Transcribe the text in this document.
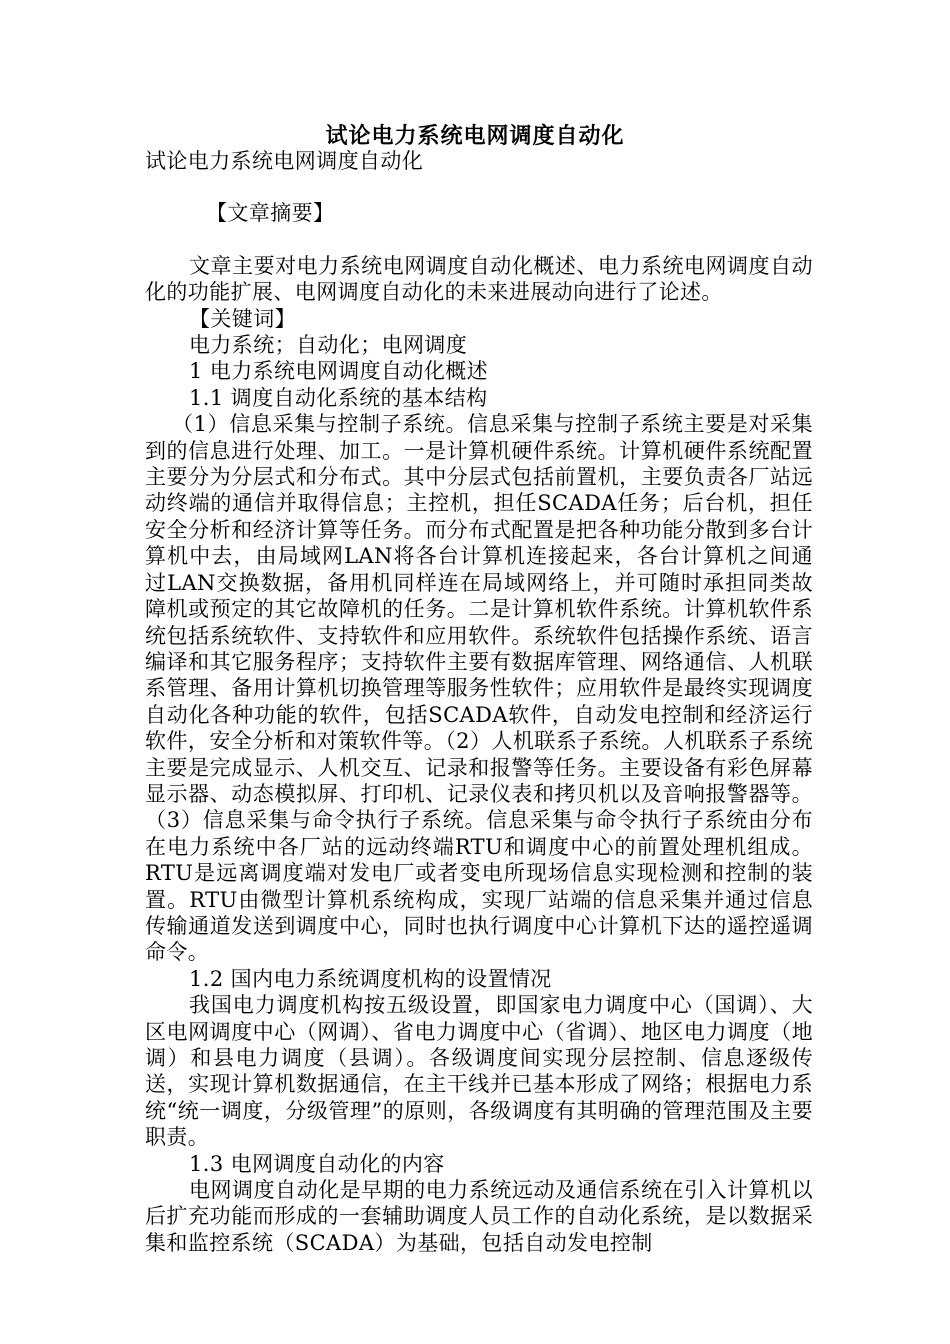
试论电力系统电网调度自动化

试论电力系统电网调度自动化

【文章摘要】

文章主要对电力系统电网调度自动化概述、电力系统电网调度自动化的功能扩展、电网调度自动化的未来进展动向进行了论述。

【关键词】

电力系统；自动化；电网调度

1 电力系统电网调度自动化概述

1.1 调度自动化系统的基本结构

（1）信息采集与控制子系统。信息采集与控制子系统主要是对采集到的信息进行处理、加工。一是计算机硬件系统。计算机硬件系统配置主要分为分层式和分布式。其中分层式包括前置机，主要负责各厂站远动终端的通信并取得信息；主控机，担任SCADA任务；后台机，担任安全分析和经济计算等任务。而分布式配置是把各种功能分散到多台计算机中去，由局域网LAN将各台计算机连接起来，各台计算机之间通过LAN交换数据，备用机同样连在局域网络上，并可随时承担同类故障机或预定的其它故障机的任务。二是计算机软件系统。计算机软件系统包括系统软件、支持软件和应用软件。系统软件包括操作系统、语言编译和其它服务程序；支持软件主要有数据库管理、网络通信、人机联系管理、备用计算机切换管理等服务性软件；应用软件是最终实现调度自动化各种功能的软件，包括SCADA软件，自动发电控制和经济运行软件，安全分析和对策软件等。（2）人机联系子系统。人机联系子系统主要是完成显示、人机交互、记录和报警等任务。主要设备有彩色屏幕显示器、动态模拟屏、打印机、记录仪表和拷贝机以及音响报警器等。（3）信息采集与命令执行子系统。信息采集与命令执行子系统由分布在电力系统中各厂站的远动终端RTU和调度中心的前置处理机组成。RTU是远离调度端对发电厂或者变电所现场信息实现检测和控制的装置。RTU由微型计算机系统构成，实现厂站端的信息采集并通过信息传输通道发送到调度中心，同时也执行调度中心计算机下达的遥控遥调命令。

1.2 国内电力系统调度机构的设置情况

我国电力调度机构按五级设置，即国家电力调度中心（国调）、大区电网调度中心（网调）、省电力调度中心（省调）、地区电力调度（地调）和县电力调度（县调）。各级调度间实现分层控制、信息逐级传送，实现计算机数据通信，在主干线并已基本形成了网络；根据电力系统“统一调度，分级管理”的原则，各级调度有其明确的管理范围及主要职责。

1.3 电网调度自动化的内容

电网调度自动化是早期的电力系统远动及通信系统在引入计算机以后扩充功能而形成的一套辅助调度人员工作的自动化系统，是以数据采集和监控系统（SCADA）为基础，包括自动发电控制
